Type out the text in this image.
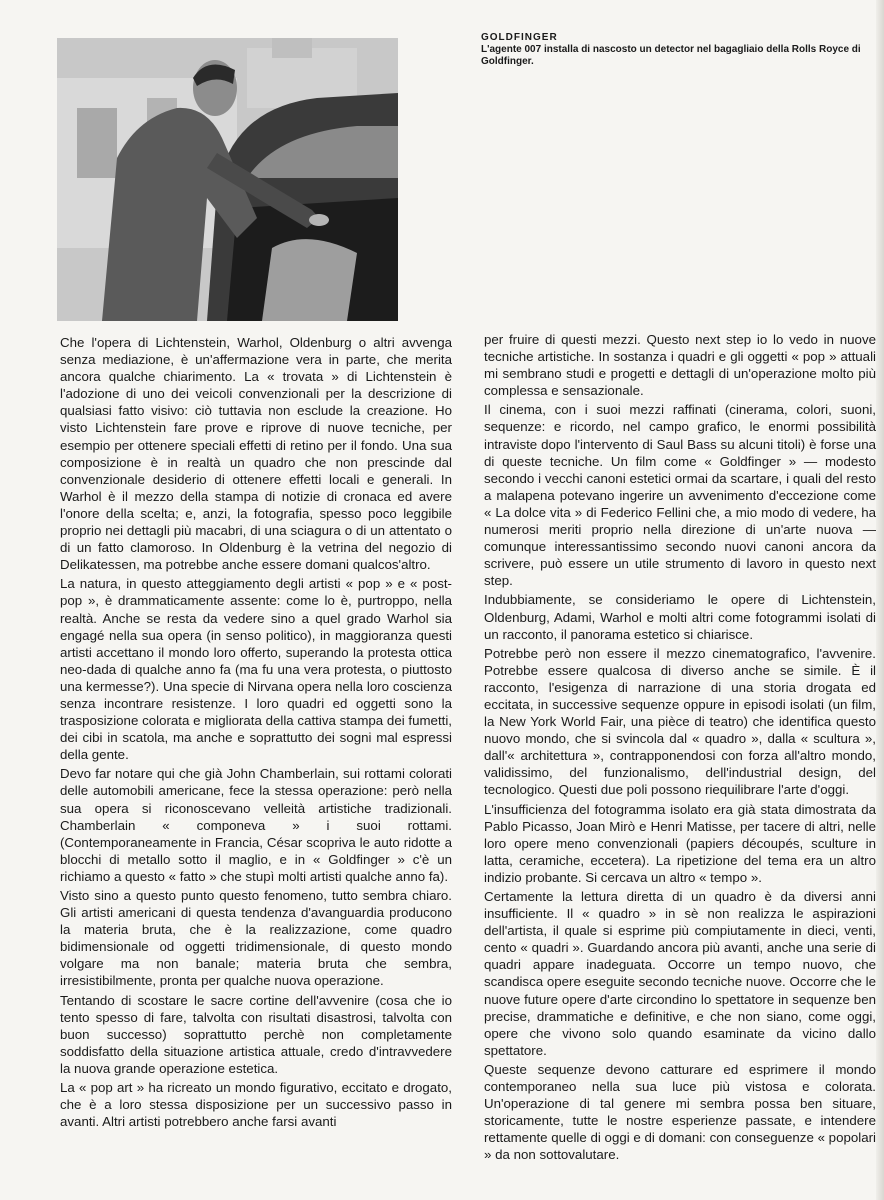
GOLDFINGER
L'agente 007 installa di nascosto un detector nel bagagliaio della Rolls Royce di Goldfinger.

Che l'opera di Lichtenstein, Warhol, Oldenburg o altri avvenga senza mediazione, è un'affermazione vera in parte, che merita ancora qualche chiarimento. La « trovata » di Lichtenstein è l'adozione di uno dei veicoli convenzionali per la descrizione di qualsiasi fatto visivo: ciò tuttavia non esclude la creazione. Ho visto Lichtenstein fare prove e riprove di nuove tecniche, per esempio per ottenere speciali effetti di retino per il fondo. Una sua composizione è in realtà un quadro che non prescinde dal convenzionale desiderio di ottenere effetti locali e generali. In Warhol è il mezzo della stampa di notizie di cronaca ed avere l'onore della scelta; e, anzi, la fotografia, spesso poco leggibile proprio nei dettagli più macabri, di una sciagura o di un attentato o di un fatto clamoroso. In Oldenburg è la vetrina del negozio di Delikatessen, ma potrebbe anche essere domani qualcos'altro.

La natura, in questo atteggiamento degli artisti « pop » e « post-pop », è drammaticamente assente: come lo è, purtroppo, nella realtà. Anche se resta da vedere sino a quel grado Warhol sia engagé nella sua opera (in senso politico), in maggioranza questi artisti accettano il mondo loro offerto, superando la protesta ottica neo-dada di qualche anno fa (ma fu una vera protesta, o piuttosto una kermesse?). Una specie di Nirvana opera nella loro coscienza senza incontrare resistenze. I loro quadri ed oggetti sono la trasposizione colorata e migliorata della cattiva stampa dei fumetti, dei cibi in scatola, ma anche e soprattutto dei sogni mal espressi della gente.

Devo far notare qui che già John Chamberlain, sui rottami colorati delle automobili americane, fece la stessa operazione: però nella sua opera si riconoscevano velleità artistiche tradizionali. Chamberlain « componeva » i suoi rottami. (Contemporaneamente in Francia, César scopriva le auto ridotte a blocchi di metallo sotto il maglio, e in « Goldfinger » c'è un richiamo a questo « fatto » che stupì molti artisti qualche anno fa).

Visto sino a questo punto questo fenomeno, tutto sembra chiaro. Gli artisti americani di questa tendenza d'avanguardia producono la materia bruta, che è la realizzazione, come quadro bidimensionale od oggetti tridimensionale, di questo mondo volgare ma non banale; materia bruta che sembra, irresistibilmente, pronta per qualche nuova operazione.

Tentando di scostare le sacre cortine dell'avvenire (cosa che io tento spesso di fare, talvolta con risultati disastrosi, talvolta con buon successo) soprattutto perchè non completamente soddisfatto della situazione artistica attuale, credo d'intravvedere la nuova grande operazione estetica.

La « pop art » ha ricreato un mondo figurativo, eccitato e drogato, che è a loro stessa disposizione per un successivo passo in avanti. Altri artisti potrebbero anche farsi avanti

per fruire di questi mezzi. Questo next step io lo vedo in nuove tecniche artistiche. In sostanza i quadri e gli oggetti « pop » attuali mi sembrano studi e progetti e dettagli di un'operazione molto più complessa e sensazionale.

Il cinema, con i suoi mezzi raffinati (cinerama, colori, suoni, sequenze: e ricordo, nel campo grafico, le enormi possibilità intraviste dopo l'intervento di Saul Bass su alcuni titoli) è forse una di queste tecniche. Un film come « Goldfinger » — modesto secondo i vecchi canoni estetici ormai da scartare, i quali del resto a malapena potevano ingerire un avvenimento d'eccezione come « La dolce vita » di Federico Fellini che, a mio modo di vedere, ha numerosi meriti proprio nella direzione di un'arte nuova — comunque interessantissimo secondo nuovi canoni ancora da scrivere, può essere un utile strumento di lavoro in questo next step.

Indubbiamente, se consideriamo le opere di Lichtenstein, Oldenburg, Adami, Warhol e molti altri come fotogrammi isolati di un racconto, il panorama estetico si chiarisce.

Potrebbe però non essere il mezzo cinematografico, l'avvenire. Potrebbe essere qualcosa di diverso anche se simile. È il racconto, l'esigenza di narrazione di una storia drogata ed eccitata, in successive sequenze oppure in episodi isolati (un film, la New York World Fair, una pièce di teatro) che identifica questo nuovo mondo, che si svincola dal « quadro », dalla « scultura », dall'« architettura », contrapponendosi con forza all'altro mondo, validissimo, del funzionalismo, dell'industrial design, del tecnologico. Questi due poli possono riequilibrare l'arte d'oggi.

L'insufficienza del fotogramma isolato era già stata dimostrata da Pablo Picasso, Joan Mirò e Henri Matisse, per tacere di altri, nelle loro opere meno convenzionali (papiers découpés, sculture in latta, ceramiche, eccetera). La ripetizione del tema era un altro indizio probante. Si cercava un altro « tempo ».

Certamente la lettura diretta di un quadro è da diversi anni insufficiente. Il « quadro » in sè non realizza le aspirazioni dell'artista, il quale si esprime più compiutamente in dieci, venti, cento « quadri ». Guardando ancora più avanti, anche una serie di quadri appare inadeguata. Occorre un tempo nuovo, che scandisca opere eseguite secondo tecniche nuove. Occorre che le nuove future opere d'arte circondino lo spettatore in sequenze ben precise, drammatiche e definitive, e che non siano, come oggi, opere che vivono solo quando esaminate da vicino dallo spettatore.

Queste sequenze devono catturare ed esprimere il mondo contemporaneo nella sua luce più vistosa e colorata. Un'operazione di tal genere mi sembra possa ben situare, storicamente, tutte le nostre esperienze passate, e intendere rettamente quelle di oggi e di domani: con conseguenze « popolari » da non sottovalutare.
